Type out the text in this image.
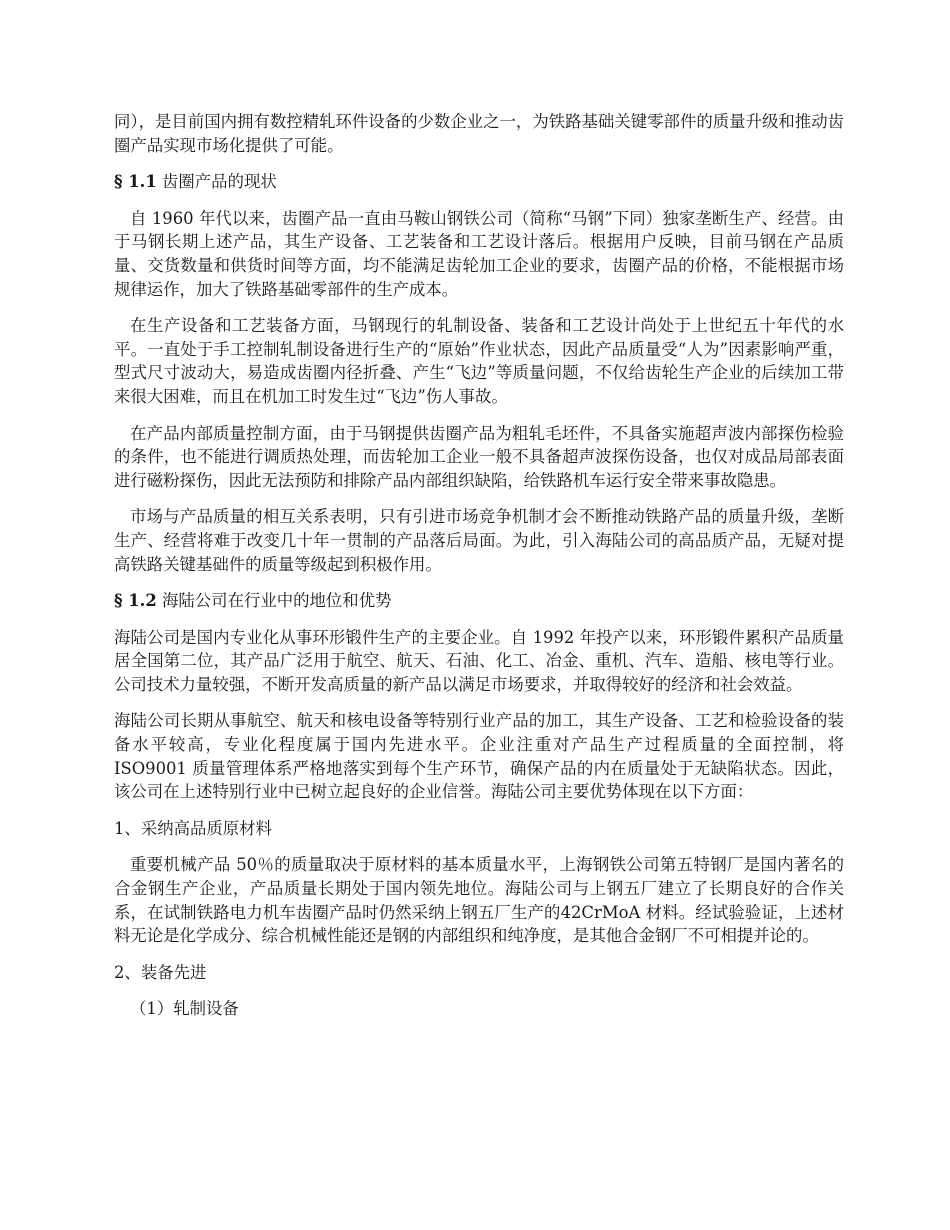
同），是目前国内拥有数控精轧环件设备的少数企业之一，为铁路基础关键零部件的质量升级和推动齿圈产品实现市场化提供了可能。

§ 1.1 齿圈产品的现状

自 1960 年代以来，齿圈产品一直由马鞍山钢铁公司（简称“马钢”下同）独家垄断生产、经营。由于马钢长期上述产品，其生产设备、工艺装备和工艺设计落后。根据用户反映，目前马钢在产品质量、交货数量和供货时间等方面，均不能满足齿轮加工企业的要求，齿圈产品的价格，不能根据市场规律运作，加大了铁路基础零部件的生产成本。

在生产设备和工艺装备方面，马钢现行的轧制设备、装备和工艺设计尚处于上世纪五十年代的水平。一直处于手工控制轧制设备进行生产的“原始”作业状态，因此产品质量受“人为”因素影响严重，型式尺寸波动大，易造成齿圈内径折叠、产生“飞边”等质量问题，不仅给齿轮生产企业的后续加工带来很大困难，而且在机加工时发生过“飞边”伤人事故。

在产品内部质量控制方面，由于马钢提供齿圈产品为粗轧毛坯件，不具备实施超声波内部探伤检验的条件，也不能进行调质热处理，而齿轮加工企业一般不具备超声波探伤设备，也仅对成品局部表面进行磁粉探伤，因此无法预防和排除产品内部组织缺陷，给铁路机车运行安全带来事故隐患。

市场与产品质量的相互关系表明，只有引进市场竞争机制才会不断推动铁路产品的质量升级，垄断生产、经营将难于改变几十年一贯制的产品落后局面。为此，引入海陆公司的高品质产品，无疑对提高铁路关键基础件的质量等级起到积极作用。

§ 1.2 海陆公司在行业中的地位和优势

海陆公司是国内专业化从事环形锻件生产的主要企业。自 1992 年投产以来，环形锻件累积产品质量居全国第二位，其产品广泛用于航空、航天、石油、化工、冶金、重机、汽车、造船、核电等行业。公司技术力量较强，不断开发高质量的新产品以满足市场要求，并取得较好的经济和社会效益。

海陆公司长期从事航空、航天和核电设备等特别行业产品的加工，其生产设备、工艺和检验设备的装备水平较高，专业化程度属于国内先进水平。企业注重对产品生产过程质量的全面控制，将 ISO9001 质量管理体系严格地落实到每个生产环节，确保产品的内在质量处于无缺陷状态。因此，该公司在上述特别行业中已树立起良好的企业信誉。海陆公司主要优势体现在以下方面：

1、采纳高品质原材料

重要机械产品 50％的质量取决于原材料的基本质量水平，上海钢铁公司第五特钢厂是国内著名的合金钢生产企业，产品质量长期处于国内领先地位。海陆公司与上钢五厂建立了长期良好的合作关系，在试制铁路电力机车齿圈产品时仍然采纳上钢五厂生产的42CrMoA 材料。经试验验证，上述材料无论是化学成分、综合机械性能还是钢的内部组织和纯净度，是其他合金钢厂不可相提并论的。

2、装备先进

（1）轧制设备
